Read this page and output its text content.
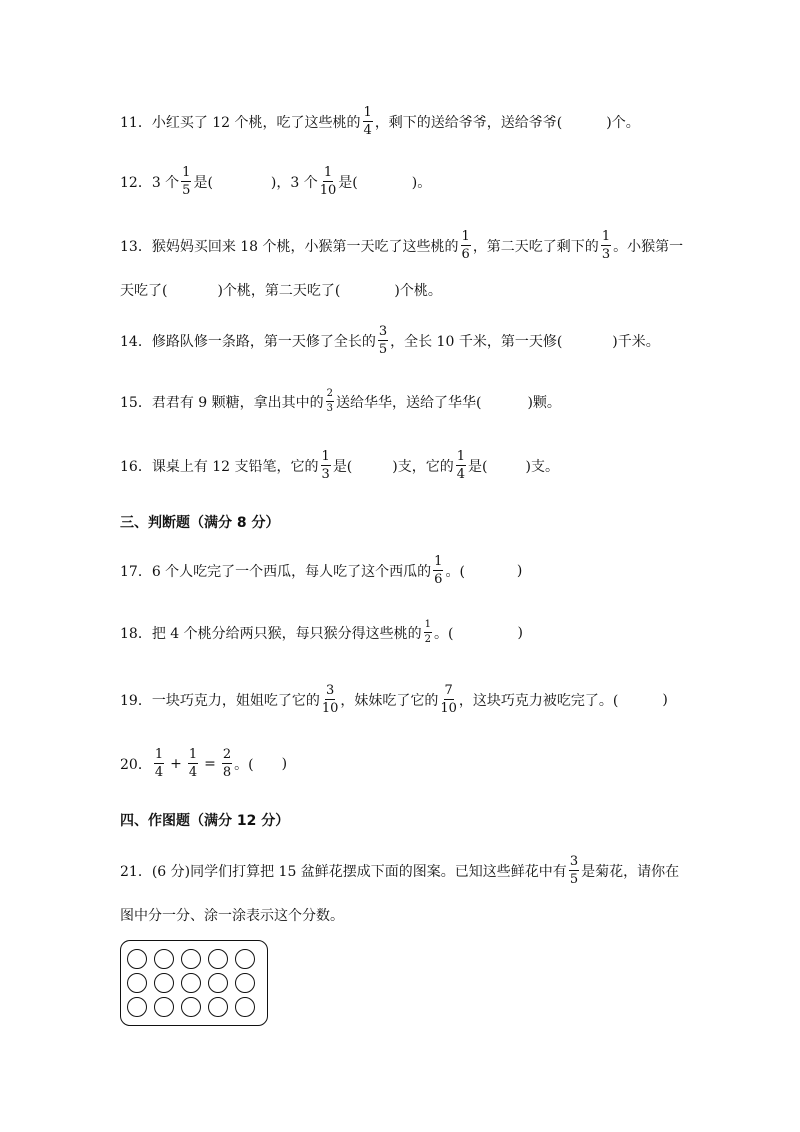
11．小红买了 12 个桃，吃了这些桃的 $\frac{1}{4}$ ，剩下的送给爷爷，送给爷爷(	)个。
12．3 个 $\frac{1}{5}$ 是(	)，3 个 $\frac{1}{10}$ 是(	)。
13．猴妈妈买回来 18 个桃，小猴第一天吃了这些桃的 $\frac{1}{6}$ ，第二天吃了剩下的 $\frac{1}{3}$ 。小猴第一
天吃了(	)个桃，第二天吃了(	)个桃。
14．修路队修一条路，第一天修了全长的 $\frac{3}{5}$ ，全长 10 千米，第一天修(	)千米。
15．君君有 9 颗糖，拿出其中的 $\frac{2}{3}$ 送给华华，送给了华华(	)颗。
16．课桌上有 12 支铅笔，它的 $\frac{1}{3}$ 是(	)支，它的 $\frac{1}{4}$ 是(	)支。
三、判断题（满分 8 分）
17．6 个人吃完了一个西瓜，每人吃了这个西瓜的 $\frac{1}{6}$ 。(	)
18．把 4 个桃分给两只猴，每只猴分得这些桃的 $\frac{1}{2}$ 。(	)
19．一块巧克力，姐姐吃了它的 $\frac{3}{10}$ ，妹妹吃了它的 $\frac{7}{10}$ ，这块巧克力被吃完了。(	)
20． $\frac{1}{4} + \frac{1}{4} = \frac{2}{8}$ 。( )
四、作图题（满分 12 分）
21．(6 分)同学们打算把 15 盆鲜花摆成下面的图案。已知这些鲜花中有 $\frac{3}{5}$ 是菊花，请你在
图中分一分、涂一涂表示这个分数。
